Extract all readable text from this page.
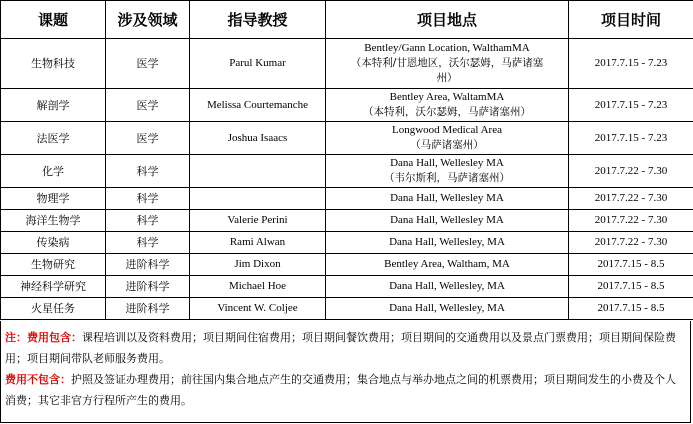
课题	涉及领域	指导教授	项目地点	项目时间
生物科技	医学	Parul Kumar	Bentley/Gann Location, WalthamMA
（本特利/甘恩地区，沃尔瑟姆，马萨诸塞
州）	2017.7.15 - 7.23
解剖学	医学	Melissa Courtemanche	Bentley Area, WaltamMA
（本特利，沃尔瑟姆，马萨诸塞州）	2017.7.15 - 7.23
法医学	医学	Joshua Isaacs	Longwood Medical Area
（马萨诸塞州）	2017.7.15 - 7.23
化学	科学		Dana Hall, Wellesley MA
（韦尔斯利，马萨诸塞州）	2017.7.22 - 7.30
物理学	科学		Dana Hall, Wellesley MA	2017.7.22 - 7.30
海洋生物学	科学	Valerie Perini	Dana Hall, Wellesley MA	2017.7.22 - 7.30
传染病	科学	Rami Alwan	Dana Hall, Wellesley, MA	2017.7.22 - 7.30
生物研究	进阶科学	Jim Dixon	Bentley Area, Waltham, MA	2017.7.15 - 8.5
神经科学研究	进阶科学	Michael Hoe	Dana Hall, Wellesley, MA	2017.7.15 - 8.5
火星任务	进阶科学	Vincent W. Coljee	Dana Hall, Wellesley, MA	2017.7.15 - 8.5
注：费用包含：课程培训以及资料费用；项目期间住宿费用；项目期间餐饮费用；项目期间的交通费用以及景点门票费用；项目期间保险费用；项目期间带队老师服务费用。
费用不包含：护照及签证办理费用；前往国内集合地点产生的交通费用；集合地点与举办地点之间的机票费用；项目期间发生的小费及个人消费；其它非官方行程所产生的费用。
